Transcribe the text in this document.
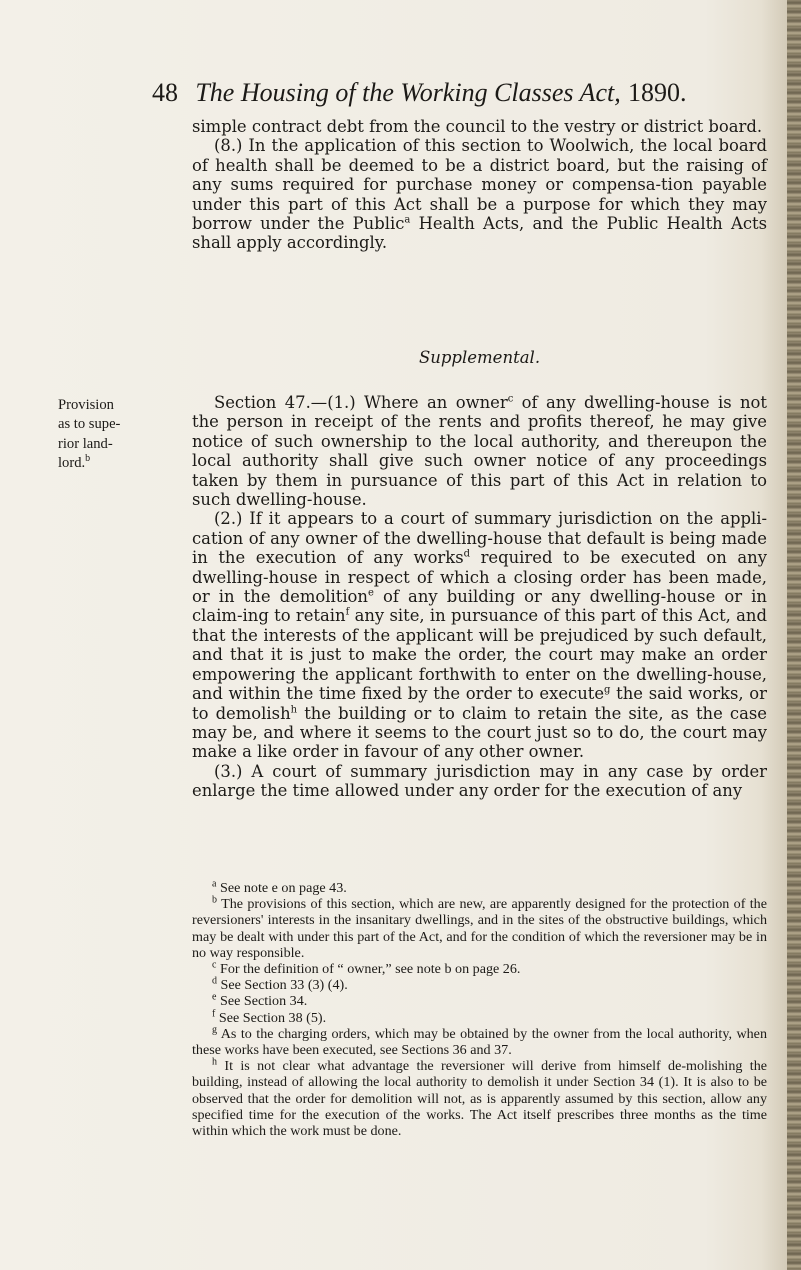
48 The Housing of the Working Classes Act, 1890.

simple contract debt from the council to the vestry or district board.

(8.) In the application of this section to Woolwich, the local board of health shall be deemed to be a district board, but the raising of any sums required for purchase money or compensa-tion payable under this part of this Act shall be a purpose for which they may borrow under the Public$^a$ Health Acts, and the Public Health Acts shall apply accordingly.

Supplemental.
Provision as to supe-rior land-lord.$^b$

Section 47.—(1.) Where an owner$^c$ of any dwelling-house is not the person in receipt of the rents and profits thereof, he may give notice of such ownership to the local authority, and thereupon the local authority shall give such owner notice of any proceedings taken by them in pursuance of this part of this Act in relation to such dwelling-house.

(2.) If it appears to a court of summary jurisdiction on the appli-cation of any owner of the dwelling-house that default is being made in the execution of any works$^d$ required to be executed on any dwelling-house in respect of which a closing order has been made, or in the demolition$^e$ of any building or any dwelling-house or in claim-ing to retain$^f$ any site, in pursuance of this part of this Act, and that the interests of the applicant will be prejudiced by such default, and that it is just to make the order, the court may make an order empowering the applicant forthwith to enter on the dwelling-house, and within the time fixed by the order to execute$^g$ the said works, or to demolish$^h$ the building or to claim to retain the site, as the case may be, and where it seems to the court just so to do, the court may make a like order in favour of any other owner.

(3.) A court of summary jurisdiction may in any case by order enlarge the time allowed under any order for the execution of any

$^a$ See note e on page 43.

$^b$ The provisions of this section, which are new, are apparently designed for the protection of the reversioners' interests in the insanitary dwellings, and in the sites of the obstructive buildings, which may be dealt with under this part of the Act, and for the condition of which the reversioner may be in no way responsible.

$^c$ For the definition of “ owner,” see note b on page 26.

$^d$ See Section 33 (3) (4).

$^e$ See Section 34.

$^f$ See Section 38 (5).

$^g$ As to the charging orders, which may be obtained by the owner from the local authority, when these works have been executed, see Sections 36 and 37.

$^h$ It is not clear what advantage the reversioner will derive from himself de-molishing the building, instead of allowing the local authority to demolish it under Section 34 (1). It is also to be observed that the order for demolition will not, as is apparently assumed by this section, allow any specified time for the execution of the works. The Act itself prescribes three months as the time within which the work must be done.
